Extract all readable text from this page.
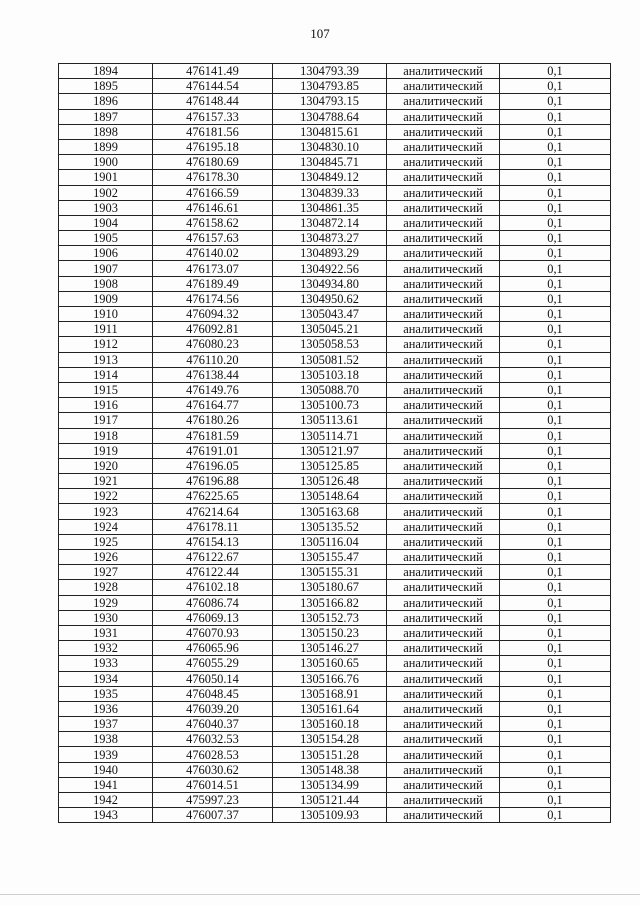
107
1894	476141.49	1304793.39	аналитический	0,1
1895	476144.54	1304793.85	аналитический	0,1
1896	476148.44	1304793.15	аналитический	0,1
1897	476157.33	1304788.64	аналитический	0,1
1898	476181.56	1304815.61	аналитический	0,1
1899	476195.18	1304830.10	аналитический	0,1
1900	476180.69	1304845.71	аналитический	0,1
1901	476178.30	1304849.12	аналитический	0,1
1902	476166.59	1304839.33	аналитический	0,1
1903	476146.61	1304861.35	аналитический	0,1
1904	476158.62	1304872.14	аналитический	0,1
1905	476157.63	1304873.27	аналитический	0,1
1906	476140.02	1304893.29	аналитический	0,1
1907	476173.07	1304922.56	аналитический	0,1
1908	476189.49	1304934.80	аналитический	0,1
1909	476174.56	1304950.62	аналитический	0,1
1910	476094.32	1305043.47	аналитический	0,1
1911	476092.81	1305045.21	аналитический	0,1
1912	476080.23	1305058.53	аналитический	0,1
1913	476110.20	1305081.52	аналитический	0,1
1914	476138.44	1305103.18	аналитический	0,1
1915	476149.76	1305088.70	аналитический	0,1
1916	476164.77	1305100.73	аналитический	0,1
1917	476180.26	1305113.61	аналитический	0,1
1918	476181.59	1305114.71	аналитический	0,1
1919	476191.01	1305121.97	аналитический	0,1
1920	476196.05	1305125.85	аналитический	0,1
1921	476196.88	1305126.48	аналитический	0,1
1922	476225.65	1305148.64	аналитический	0,1
1923	476214.64	1305163.68	аналитический	0,1
1924	476178.11	1305135.52	аналитический	0,1
1925	476154.13	1305116.04	аналитический	0,1
1926	476122.67	1305155.47	аналитический	0,1
1927	476122.44	1305155.31	аналитический	0,1
1928	476102.18	1305180.67	аналитический	0,1
1929	476086.74	1305166.82	аналитический	0,1
1930	476069.13	1305152.73	аналитический	0,1
1931	476070.93	1305150.23	аналитический	0,1
1932	476065.96	1305146.27	аналитический	0,1
1933	476055.29	1305160.65	аналитический	0,1
1934	476050.14	1305166.76	аналитический	0,1
1935	476048.45	1305168.91	аналитический	0,1
1936	476039.20	1305161.64	аналитический	0,1
1937	476040.37	1305160.18	аналитический	0,1
1938	476032.53	1305154.28	аналитический	0,1
1939	476028.53	1305151.28	аналитический	0,1
1940	476030.62	1305148.38	аналитический	0,1
1941	476014.51	1305134.99	аналитический	0,1
1942	475997.23	1305121.44	аналитический	0,1
1943	476007.37	1305109.93	аналитический	0,1
